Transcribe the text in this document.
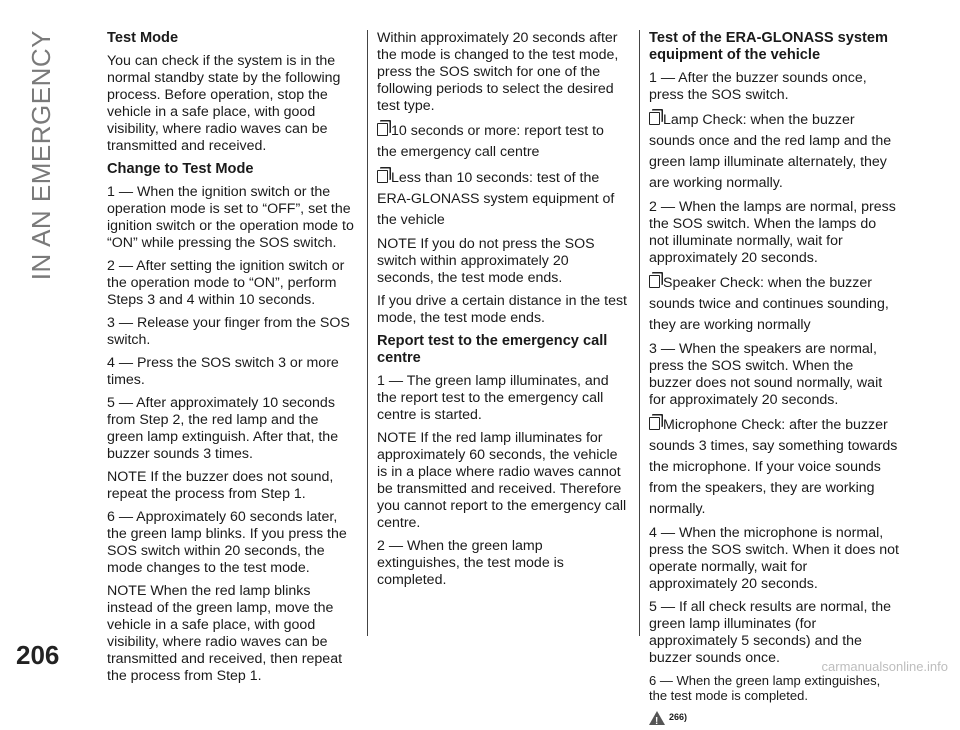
IN AN EMERGENCY
206
Test Mode

You can check if the system is in the normal standby state by the following process. Before operation, stop the vehicle in a safe place, with good visibility, where radio waves can be transmitted and received.

Change to Test Mode

1 — When the ignition switch or the operation mode is set to “OFF”, set the ignition switch or the operation mode to “ON” while pressing the SOS switch.

2 — After setting the ignition switch or the operation mode to “ON”, perform Steps 3 and 4 within 10 seconds.

3 — Release your finger from the SOS switch.

4 — Press the SOS switch 3 or more times.

5 — After approximately 10 seconds from Step 2, the red lamp and the green lamp extinguish. After that, the buzzer sounds 3 times.

NOTE If the buzzer does not sound, repeat the process from Step 1.

6 — Approximately 60 seconds later, the green lamp blinks. If you press the SOS switch within 20 seconds, the mode changes to the test mode.

NOTE When the red lamp blinks instead of the green lamp, move the vehicle in a safe place, with good visibility, where radio waves can be transmitted and received, then repeat the process from Step 1.

Within approximately 20 seconds after the mode is changed to the test mode, press the SOS switch for one of the following periods to select the desired test type.

10 seconds or more: report test to the emergency call centre
Less than 10 seconds: test of the ERA-GLONASS system equipment of the vehicle

NOTE If you do not press the SOS switch within approximately 20 seconds, the test mode ends.

If you drive a certain distance in the test mode, the test mode ends.

Report test to the emergency call centre

1 — The green lamp illuminates, and the report test to the emergency call centre is started.

NOTE If the red lamp illuminates for approximately 60 seconds, the vehicle is in a place where radio waves cannot be transmitted and received. Therefore you cannot report to the emergency call centre.

2 — When the green lamp extinguishes, the test mode is completed.

Test of the ERA-GLONASS system equipment of the vehicle

1 — After the buzzer sounds once, press the SOS switch.

Lamp Check: when the buzzer sounds once and the red lamp and the green lamp illuminate alternately, they are working normally.

2 — When the lamps are normal, press the SOS switch. When the lamps do not illuminate normally, wait for approximately 20 seconds.

Speaker Check: when the buzzer sounds twice and continues sounding, they are working normally

3 — When the speakers are normal, press the SOS switch. When the buzzer does not sound normally, wait for approximately 20 seconds.

Microphone Check: after the buzzer sounds 3 times, say something towards the microphone. If your voice sounds from the speakers, they are working normally.

4 — When the microphone is normal, press the SOS switch. When it does not operate normally, wait for approximately 20 seconds.

5 — If all check results are normal, the green lamp illuminates (for approximately 5 seconds) and the buzzer sounds once.

6 — When the green lamp extinguishes, the test mode is completed.

!
266)
carmanualsonline.info
